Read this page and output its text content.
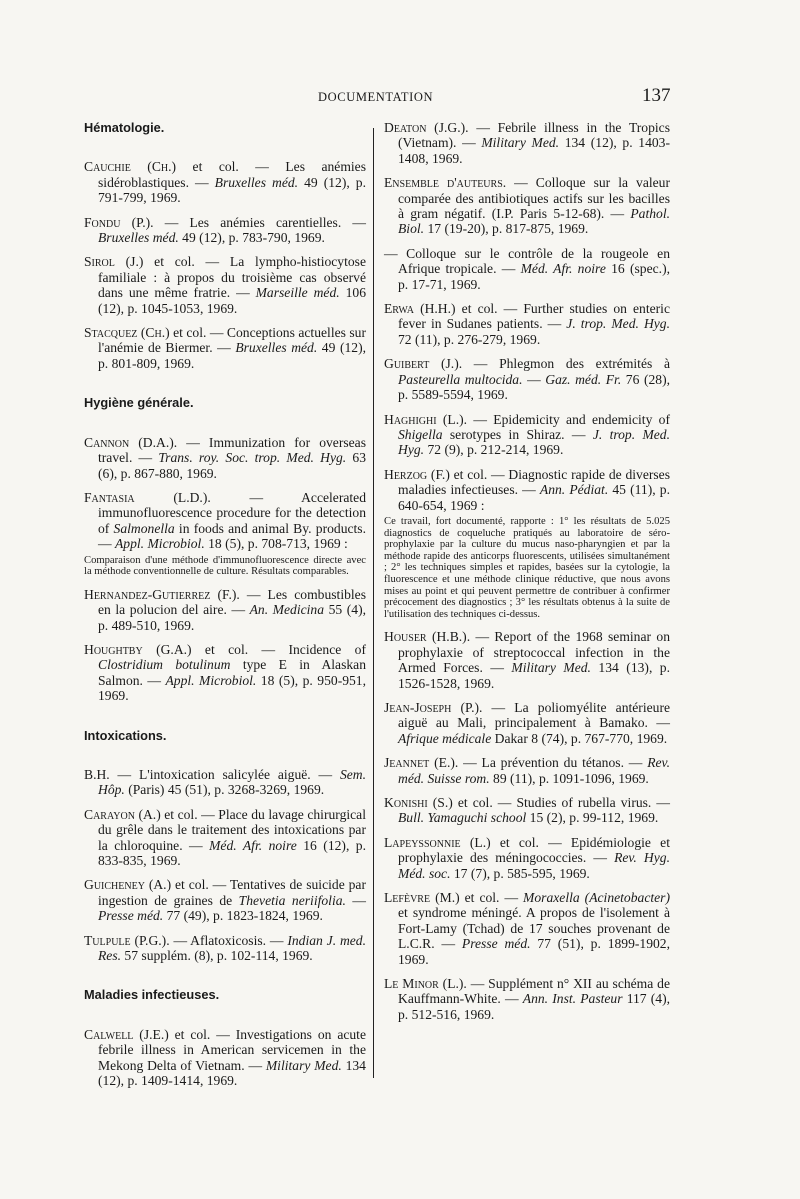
DOCUMENTATION	137
Hématologie.

Cauchie (Ch.) et col. — Les anémies sidéroblastiques. — Bruxelles méd. 49 (12), p. 791-799, 1969.

Fondu (P.). — Les anémies carentielles. — Bruxelles méd. 49 (12), p. 783-790, 1969.

Sirol (J.) et col. — La lympho-histiocytose familiale : à propos du troisième cas observé dans une même fratrie. — Marseille méd. 106 (12), p. 1045-1053, 1969.

Stacquez (Ch.) et col. — Conceptions actuelles sur l'anémie de Biermer. — Bruxelles méd. 49 (12), p. 801-809, 1969.

Hygiène générale.

Cannon (D.A.). — Immunization for overseas travel. — Trans. roy. Soc. trop. Med. Hyg. 63 (6), p. 867-880, 1969.

Fantasia (L.D.). — Accelerated immunofluorescence procedure for the detection of Salmonella in foods and animal By. products. — Appl. Microbiol. 18 (5), p. 708-713, 1969 :

Comparaison d'une méthode d'immunofluorescence directe avec la méthode conventionnelle de culture. Résultats comparables.

Hernandez-Gutierrez (F.). — Les combustibles en la polucion del aire. — An. Medicina 55 (4), p. 489-510, 1969.

Houghtby (G.A.) et col. — Incidence of Clostridium botulinum type E in Alaskan Salmon. — Appl. Microbiol. 18 (5), p. 950-951, 1969.

Intoxications.

B.H. — L'intoxication salicylée aiguë. — Sem. Hôp. (Paris) 45 (51), p. 3268-3269, 1969.

Carayon (A.) et col. — Place du lavage chirurgical du grêle dans le traitement des intoxications par la chloroquine. — Méd. Afr. noire 16 (12), p. 833-835, 1969.

Guicheney (A.) et col. — Tentatives de suicide par ingestion de graines de Thevetia neriifolia. — Presse méd. 77 (49), p. 1823-1824, 1969.

Tulpule (P.G.). — Aflatoxicosis. — Indian J. med. Res. 57 supplém. (8), p. 102-114, 1969.

Maladies infectieuses.

Calwell (J.E.) et col. — Investigations on acute febrile illness in American servicemen in the Mekong Delta of Vietnam. — Military Med. 134 (12), p. 1409-1414, 1969.

Deaton (J.G.). — Febrile illness in the Tropics (Vietnam). — Military Med. 134 (12), p. 1403-1408, 1969.

Ensemble d'auteurs. — Colloque sur la valeur comparée des antibiotiques actifs sur les bacilles à gram négatif. (I.P. Paris 5-12-68). — Pathol. Biol. 17 (19-20), p. 817-875, 1969.

— Colloque sur le contrôle de la rougeole en Afrique tropicale. — Méd. Afr. noire 16 (spec.), p. 17-71, 1969.

Erwa (H.H.) et col. — Further studies on enteric fever in Sudanes patients. — J. trop. Med. Hyg. 72 (11), p. 276-279, 1969.

Guibert (J.). — Phlegmon des extrémités à Pasteurella multocida. — Gaz. méd. Fr. 76 (28), p. 5589-5594, 1969.

Haghighi (L.). — Epidemicity and endemicity of Shigella serotypes in Shiraz. — J. trop. Med. Hyg. 72 (9), p. 212-214, 1969.

Herzog (F.) et col. — Diagnostic rapide de diverses maladies infectieuses. — Ann. Pédiat. 45 (11), p. 640-654, 1969 :

Ce travail, fort documenté, rapporte : 1° les résultats de 5.025 diagnostics de coqueluche pratiqués au laboratoire de séro-prophylaxie par la culture du mucus naso-pharyngien et par la méthode rapide des anticorps fluorescents, utilisées simultanément ; 2° les techniques simples et rapides, basées sur la cytologie, la fluorescence et une méthode clinique réductive, que nous avons mises au point et qui peuvent permettre de contribuer à confirmer précocement des diagnostics ; 3° les résultats obtenus à la suite de l'utilisation des techniques ci-dessus.

Houser (H.B.). — Report of the 1968 seminar on prophylaxie of streptococcal infection in the Armed Forces. — Military Med. 134 (13), p. 1526-1528, 1969.

Jean-Joseph (P.). — La poliomyélite antérieure aiguë au Mali, principalement à Bamako. — Afrique médicale Dakar 8 (74), p. 767-770, 1969.

Jeannet (E.). — La prévention du tétanos. — Rev. méd. Suisse rom. 89 (11), p. 1091-1096, 1969.

Konishi (S.) et col. — Studies of rubella virus. — Bull. Yamaguchi school 15 (2), p. 99-112, 1969.

Lapeyssonnie (L.) et col. — Epidémiologie et prophylaxie des méningococcies. — Rev. Hyg. Méd. soc. 17 (7), p. 585-595, 1969.

Lefèvre (M.) et col. — Moraxella (Acinetobacter) et syndrome méningé. A propos de l'isolement à Fort-Lamy (Tchad) de 17 souches provenant de L.C.R. — Presse méd. 77 (51), p. 1899-1902, 1969.

Le Minor (L.). — Supplément n° XII au schéma de Kauffmann-White. — Ann. Inst. Pasteur 117 (4), p. 512-516, 1969.
